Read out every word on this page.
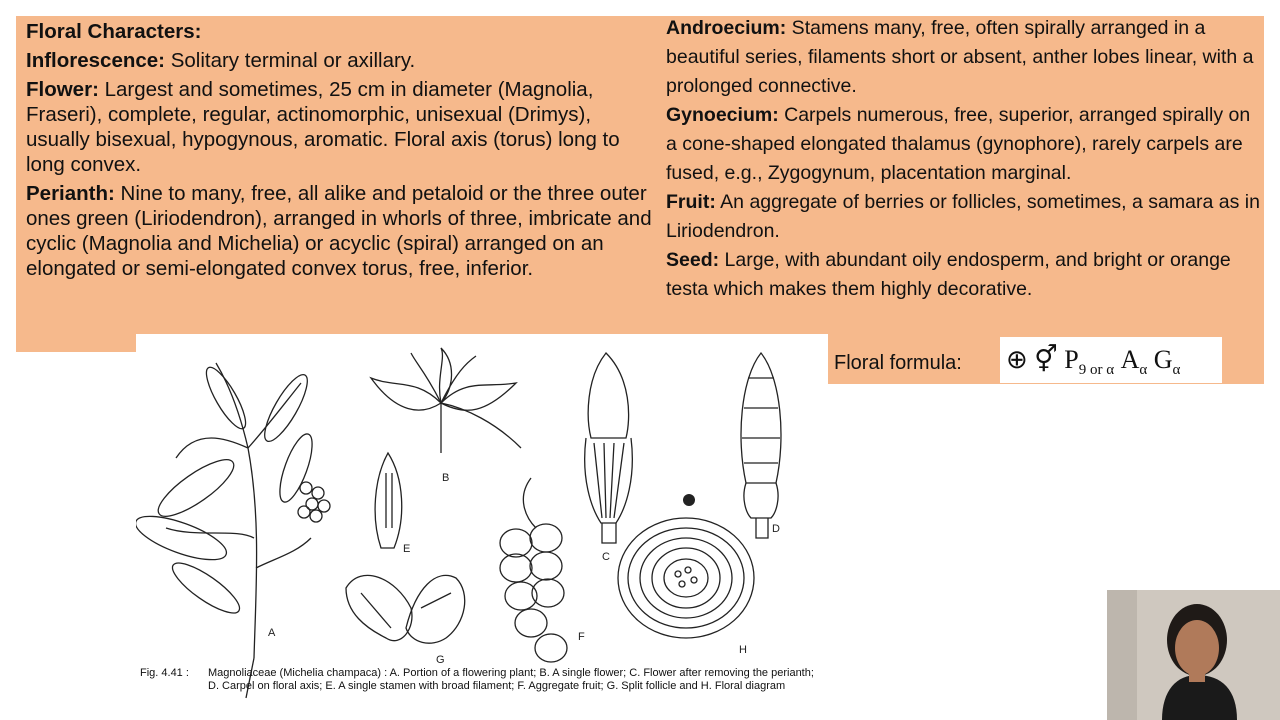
Floral Characters:

Inflorescence: Solitary terminal or axillary.

Flower: Largest and sometimes, 25 cm in diameter (Magnolia, Fraseri), complete, regular, actinomorphic, unisexual (Drimys), usually bisexual, hypogynous, aromatic. Floral axis (torus) long to long convex.

Perianth: Nine to many, free, all alike and petaloid or the three outer ones green (Liriodendron), arranged in whorls of three, imbricate and cyclic (Magnolia and Michelia) or acyclic (spiral) arranged on an elongated or semi-elongated convex torus, free, inferior.

Androecium: Stamens many, free, often spirally arranged in a beautiful series, filaments short or absent, anther lobes linear, with a prolonged connective.

Gynoecium: Carpels numerous, free, superior, arranged spirally on a cone-shaped elongated thalamus (gynophore), rarely carpels are fused, e.g., Zygogynum, placentation marginal.

Fruit: An aggregate of berries or follicles, sometimes, a samara as in Liriodendron.

Seed: Large, with abundant oily endosperm, and bright or orange testa which makes them highly decorative.

Floral formula: ⊕ ⚥ $P_{9 or \alpha}$ $A_\alpha$ $G_\alpha$
A
B
C
D
E
F
G
H
Fig. 4.41 : Magnoliaceae (Michelia champaca) : A. Portion of a flowering plant; B. A single flower; C. Flower after removing the perianth; D. Carpel on floral axis; E. A single stamen with broad filament; F. Aggregate fruit; G. Split follicle and H. Floral diagram
